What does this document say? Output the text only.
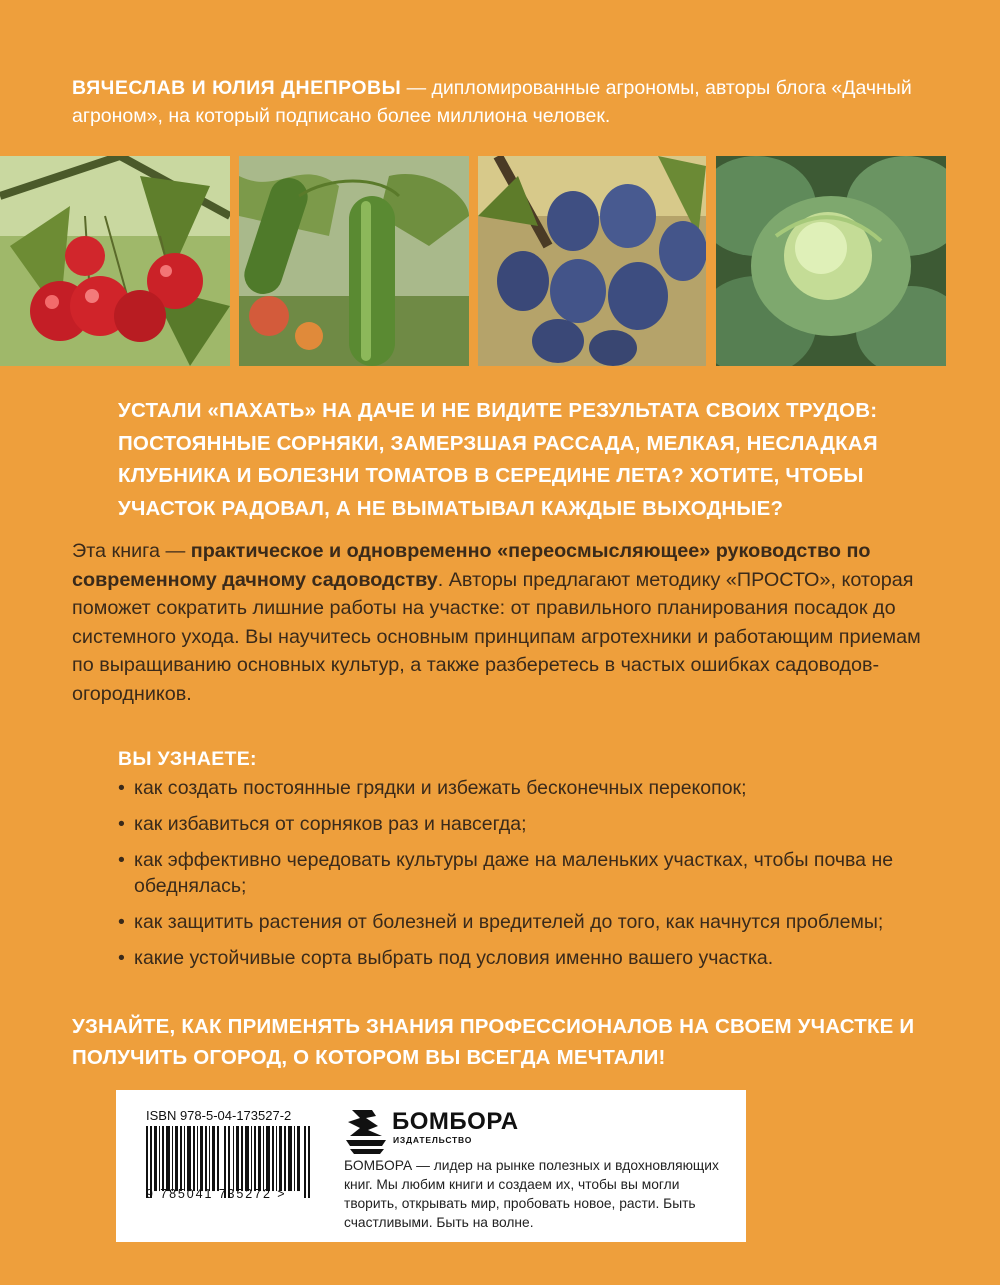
ВЯЧЕСЛАВ И ЮЛИЯ ДНЕПРОВЫ — дипломированные агрономы, авторы блога «Дачный агроном», на который подписано более миллиона человек.
УСТАЛИ «ПАХАТЬ» НА ДАЧЕ И НЕ ВИДИТЕ РЕЗУЛЬТАТА СВОИХ ТРУДОВ: ПОСТОЯННЫЕ СОРНЯКИ, ЗАМЕРЗШАЯ РАССАДА, МЕЛКАЯ, НЕСЛАДКАЯ КЛУБНИКА И БОЛЕЗНИ ТОМАТОВ В СЕРЕДИНЕ ЛЕТА? ХОТИТЕ, ЧТОБЫ УЧАСТОК РАДОВАЛ, А НЕ ВЫМАТЫВАЛ КАЖДЫЕ ВЫХОДНЫЕ?
Эта книга — практическое и одновременно «переосмысляющее» руководство по современному дачному садоводству. Авторы предлагают методику «ПРОСТО», которая поможет сократить лишние работы на участке: от правильного планирования посадок до системного ухода. Вы научитесь основным принципам агротехники и работающим приемам по выращиванию основных культур, а также разберетесь в частых ошибках садоводов-огородников.
ВЫ УЗНАЕТЕ:
• как создать постоянные грядки и избежать бесконечных перекопок;
• как избавиться от сорняков раз и навсегда;
• как эффективно чередовать культуры даже на маленьких участках, чтобы почва не обеднялась;
• как защитить растения от болезней и вредителей до того, как начнутся проблемы;
• какие устойчивые сорта выбрать под условия именно вашего участка.
УЗНАЙТЕ, КАК ПРИМЕНЯТЬ ЗНАНИЯ ПРОФЕССИОНАЛОВ НА СВОЕМ УЧАСТКЕ И ПОЛУЧИТЬ ОГОРОД, О КОТОРОМ ВЫ ВСЕГДА МЕЧТАЛИ!
ISBN 978-5-04-173527-2
9 785041 735272 >
БОМБОРА
ИЗДАТЕЛЬСТВО
БОМБОРА — лидер на рынке полезных и вдохновляющих книг. Мы любим книги и создаем их, чтобы вы могли творить, открывать мир, пробовать новое, расти. Быть счастливыми. Быть на волне.
